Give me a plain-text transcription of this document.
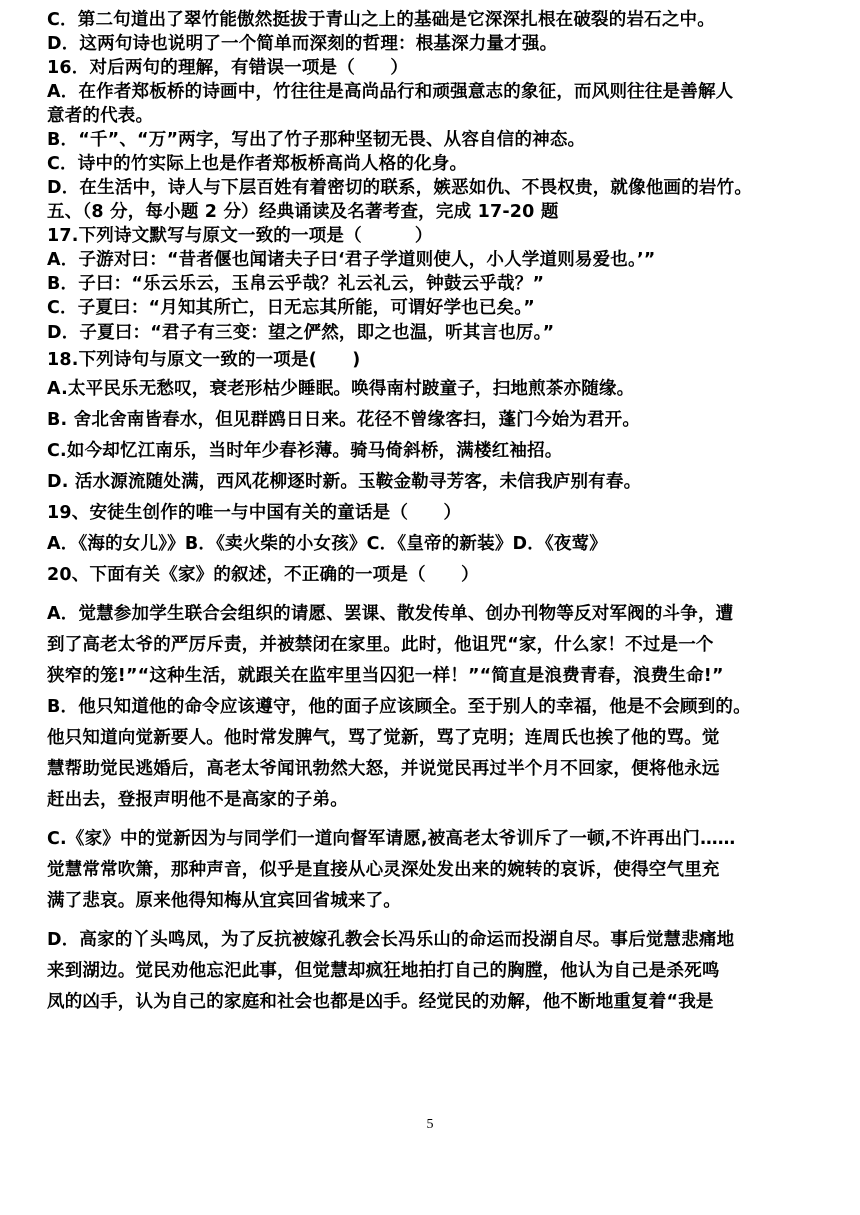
C．第二句道出了翠竹能傲然挺拔于青山之上的基础是它深深扎根在破裂的岩石之中。
D．这两句诗也说明了一个简单而深刻的哲理：根基深力量才强。
16．对后两句的理解，有错误一项是（　　）
A．在作者郑板桥的诗画中，竹往往是高尚品行和顽强意志的象征，而风则往往是善解人
意者的代表。
B．“千”、“万”两字，写出了竹子那种坚韧无畏、从容自信的神态。
C．诗中的竹实际上也是作者郑板桥高尚人格的化身。
D．在生活中，诗人与下层百姓有着密切的联系，嫉恶如仇、不畏权贵，就像他画的岩竹。
五、（8 分，每小题 2 分）经典诵读及名著考查，完成 17-20 题
17.下列诗文默写与原文一致的一项是（　　　）
A．子游对曰：“昔者偃也闻诸夫子曰‘君子学道则使人，小人学道则易爱也。’”
B．子曰：“乐云乐云，玉帛云乎哉？礼云礼云，钟鼓云乎哉？”
C．子夏曰：“月知其所亡，日无忘其所能，可谓好学也已矣。”
D．子夏曰：“君子有三变：望之俨然，即之也温，听其言也厉。”
18.下列诗句与原文一致的一项是(　　)
A.太平民乐无愁叹，衰老形枯少睡眠。唤得南村跛童子，扫地煎茶亦随缘。
B. 舍北舍南皆春水，但见群鸥日日来。花径不曾缘客扫，蓬门今始为君开。
C.如今却忆江南乐，当时年少春衫薄。骑马倚斜桥，满楼红袖招。
D. 活水源流随处满，西风花柳逐时新。玉鞍金勒寻芳客，未信我庐别有春。
19、安徒生创作的唯一与中国有关的童话是（　　）
A．《海的女儿》》B．《卖火柴的小女孩》C．《皇帝的新装》D．《夜莺》
20、下面有关《家》的叙述，不正确的一项是（　　）
A．觉慧参加学生联合会组织的请愿、罢课、散发传单、创办刊物等反对军阀的斗争，遭
到了高老太爷的严厉斥责，并被禁闭在家里。此时，他诅咒“家，什么家！不过是一个
狭窄的笼!”“这种生活，就跟关在监牢里当囚犯一样！”“简直是浪费青春，浪费生命!”
B．他只知道他的命令应该遵守，他的面子应该顾全。至于别人的幸福，他是不会顾到的。
他只知道向觉新要人。他时常发脾气，骂了觉新，骂了克明；连周氏也挨了他的骂。觉
慧帮助觉民逃婚后，高老太爷闻讯勃然大怒，并说觉民再过半个月不回家，便将他永远
赶出去，登报声明他不是高家的子弟。
C.《家》中的觉新因为与同学们一道向督军请愿,被高老太爷训斥了一顿,不许再出门……
觉慧常常吹箫，那种声音，似乎是直接从心灵深处发出来的婉转的哀诉，使得空气里充
满了悲哀。原来他得知梅从宜宾回省城来了。
D．高家的丫头鸣凤，为了反抗被嫁孔教会长冯乐山的命运而投湖自尽。事后觉慧悲痛地
来到湖边。觉民劝他忘汜此事，但觉慧却疯狂地拍打自己的胸膛，他认为自己是杀死鸣
凤的凶手，认为自己的家庭和社会也都是凶手。经觉民的劝解，他不断地重复着“我是
5
